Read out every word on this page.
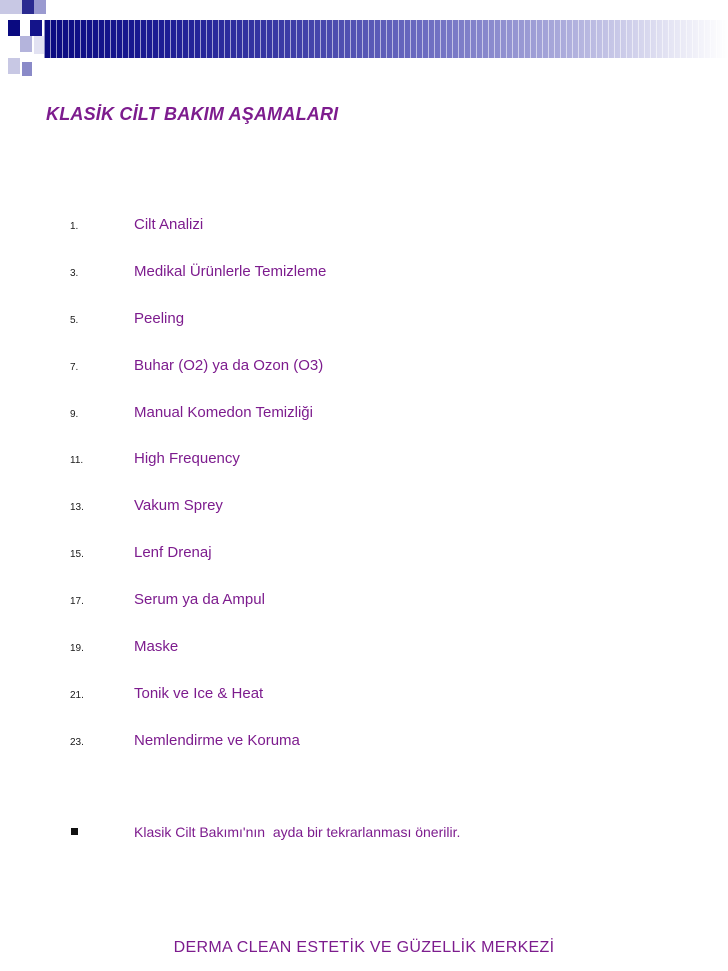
KLASİK CİLT BAKIM AŞAMALARI
1.	Cilt Analizi
3.	Medikal Ürünlerle Temizleme
5.	Peeling
7.	Buhar (O2) ya da Ozon (O3)
9.	Manual Komedon Temizliği
11.	High Frequency
13.	Vakum Sprey
15.	Lenf Drenaj
17.	Serum ya da Ampul
19.	Maske
21.	Tonik ve Ice & Heat
23.	Nemlendirme ve Koruma
Klasik Cilt Bakımı'nın  ayda bir tekrarlanması önerilir.

DERMA CLEAN ESTETİK VE GÜZELLİK MERKEZİ
